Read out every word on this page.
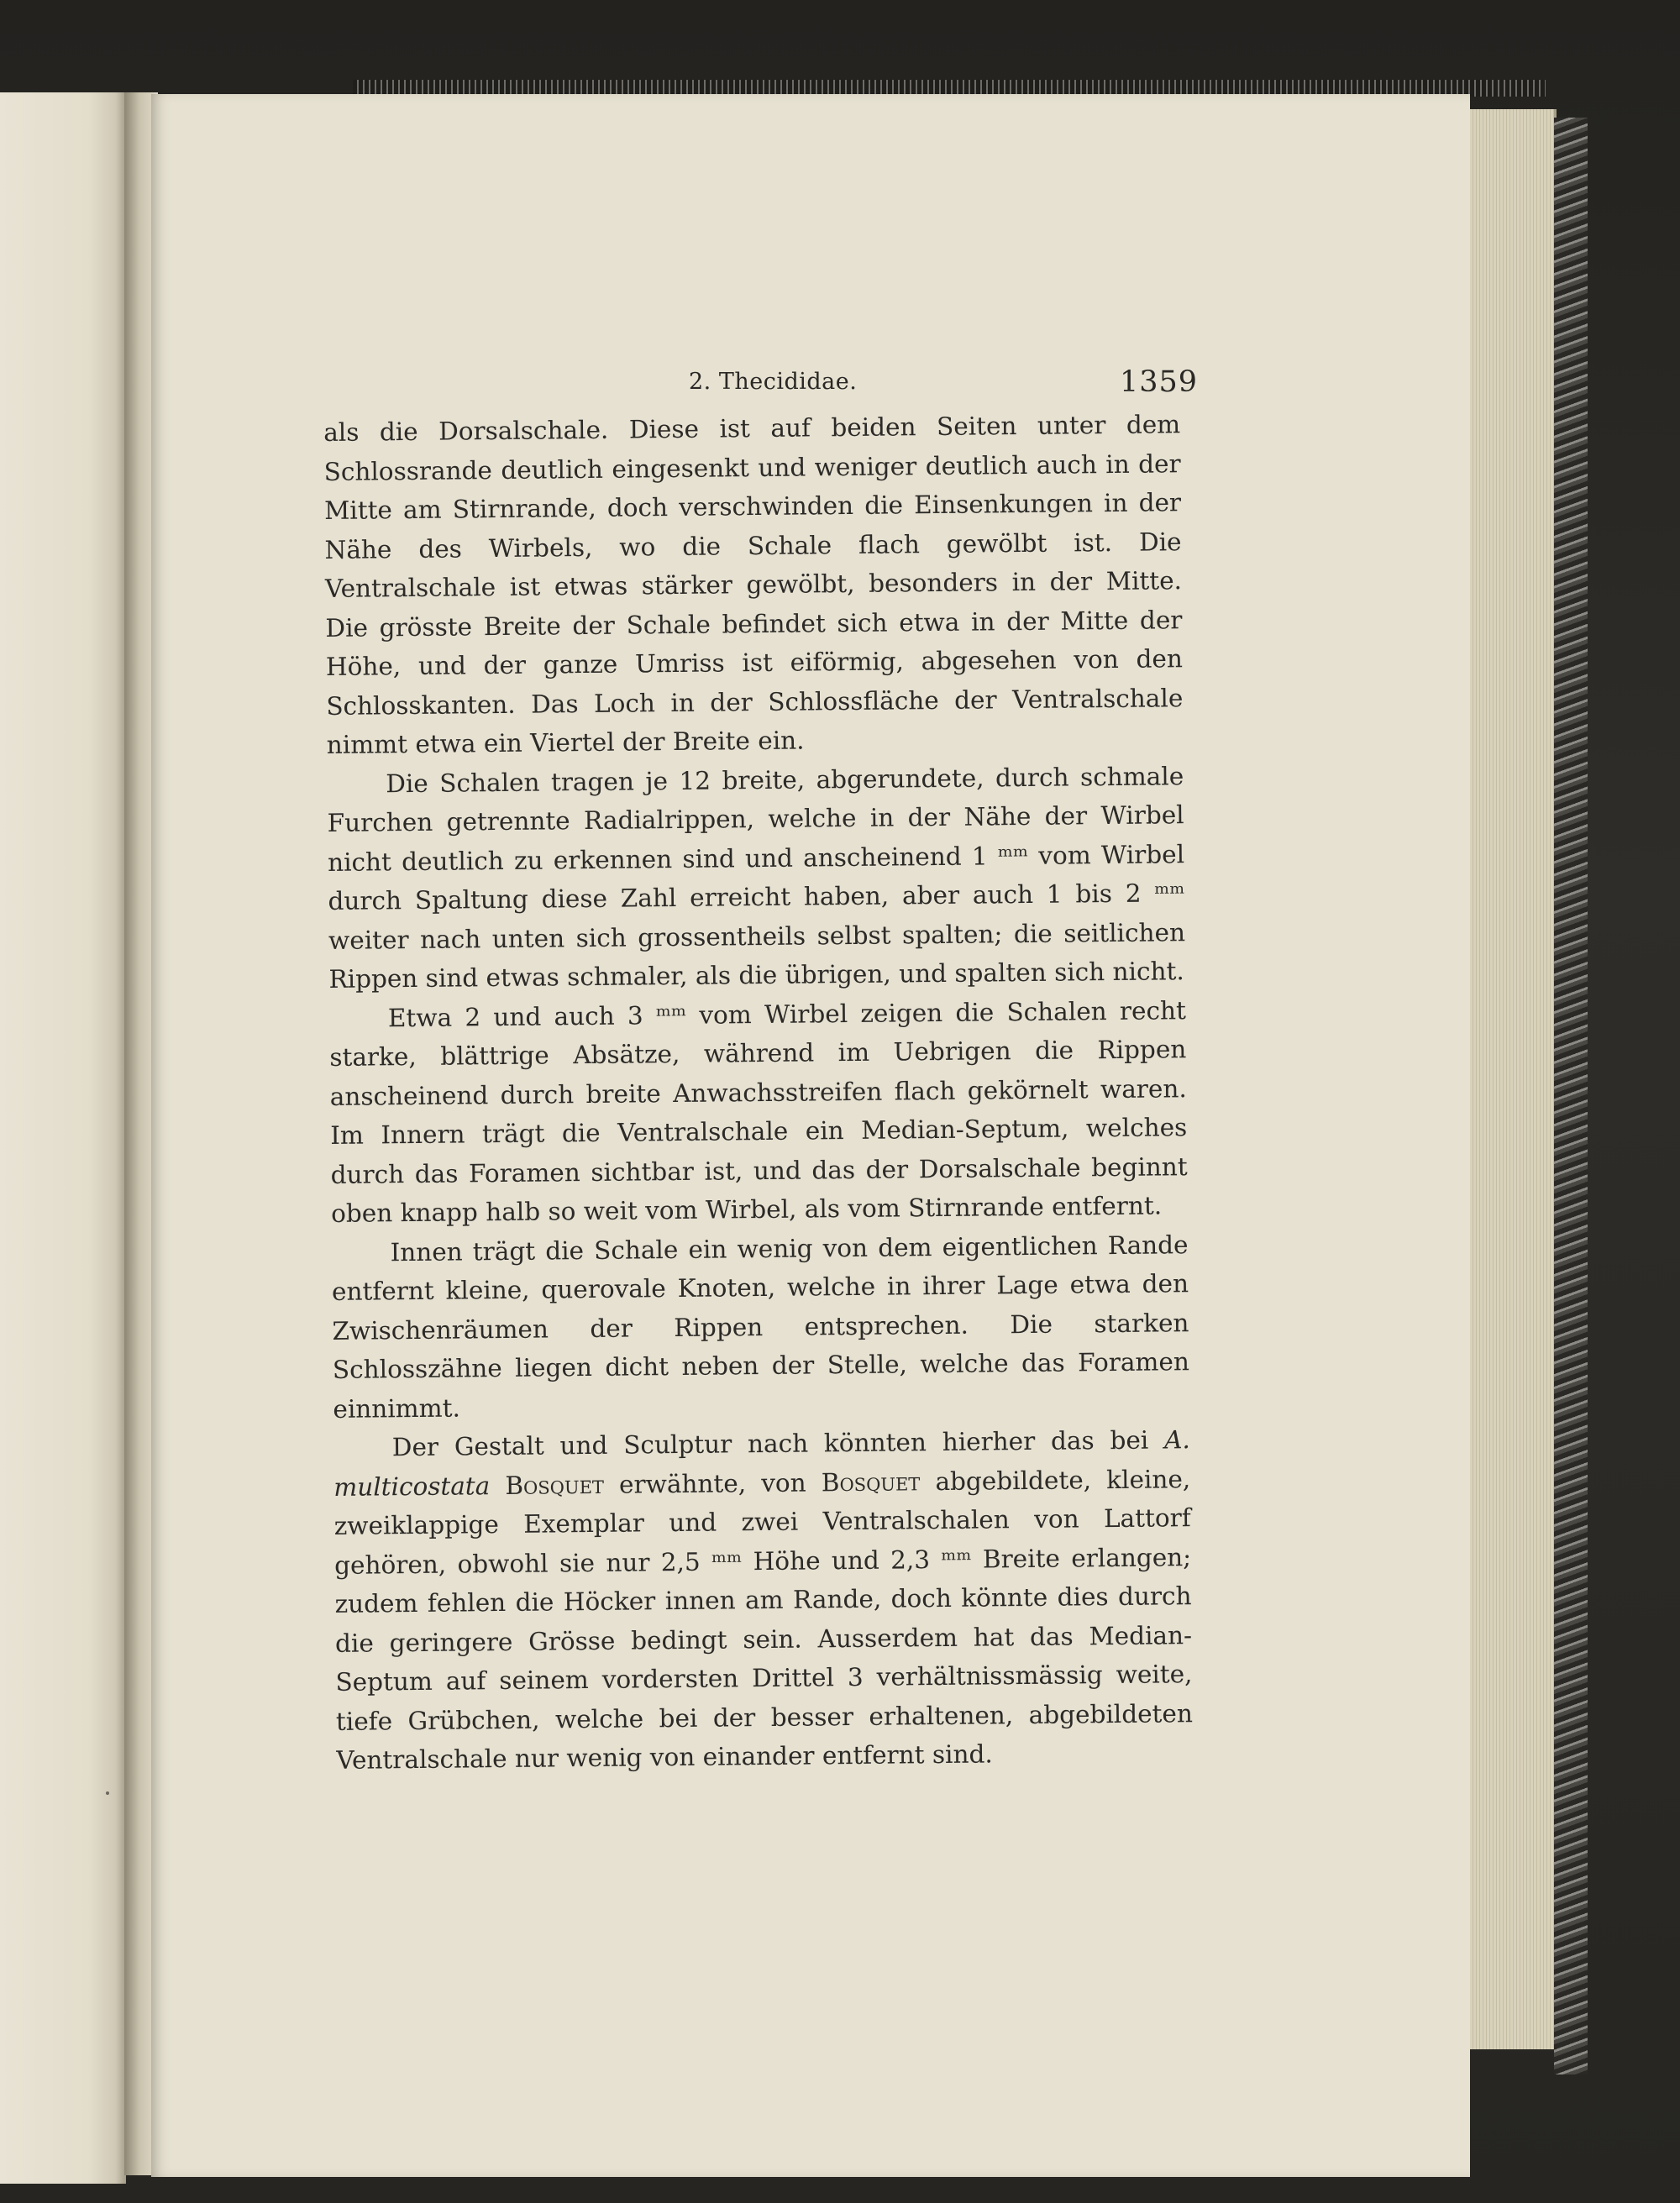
2. Thecididae.	1359

als die Dorsalschale. Diese ist auf beiden Seiten unter dem Schlossrande deutlich eingesenkt und weniger deutlich auch in der Mitte am Stirnrande, doch verschwinden die Einsenkungen in der Nähe des Wirbels, wo die Schale flach gewölbt ist. Die Ventralschale ist etwas stärker gewölbt, besonders in der Mitte. Die grösste Breite der Schale befindet sich etwa in der Mitte der Höhe, und der ganze Umriss ist eiförmig, abgesehen von den Schlosskanten. Das Loch in der Schlossfläche der Ventralschale nimmt etwa ein Viertel der Breite ein.

Die Schalen tragen je 12 breite, abgerundete, durch schmale Furchen getrennte Radialrippen, welche in der Nähe der Wirbel nicht deutlich zu erkennen sind und anscheinend 1 ᵐᵐ vom Wirbel durch Spaltung diese Zahl erreicht haben, aber auch 1 bis 2 ᵐᵐ weiter nach unten sich grossentheils selbst spalten; die seitlichen Rippen sind etwas schmaler, als die übrigen, und spalten sich nicht.

Etwa 2 und auch 3 ᵐᵐ vom Wirbel zeigen die Schalen recht starke, blättrige Absätze, während im Uebrigen die Rippen anscheinend durch breite Anwachsstreifen flach gekörnelt waren. Im Innern trägt die Ventralschale ein Median-Septum, welches durch das Foramen sichtbar ist, und das der Dorsalschale beginnt oben knapp halb so weit vom Wirbel, als vom Stirnrande entfernt.

Innen trägt die Schale ein wenig von dem eigentlichen Rande entfernt kleine, querovale Knoten, welche in ihrer Lage etwa den Zwischenräumen der Rippen entsprechen. Die starken Schlosszähne liegen dicht neben der Stelle, welche das Foramen einnimmt.

Der Gestalt und Sculptur nach könnten hierher das bei A. multicostata Bosquet erwähnte, von Bosquet abgebildete, kleine, zweiklappige Exemplar und zwei Ventralschalen von Lattorf gehören, obwohl sie nur 2,5 ᵐᵐ Höhe und 2,3 ᵐᵐ Breite erlangen; zudem fehlen die Höcker innen am Rande, doch könnte dies durch die geringere Grösse bedingt sein. Ausserdem hat das Median-Septum auf seinem vordersten Drittel 3 verhältnissmässig weite, tiefe Grübchen, welche bei der besser erhaltenen, abgebildeten Ventralschale nur wenig von einander entfernt sind.
